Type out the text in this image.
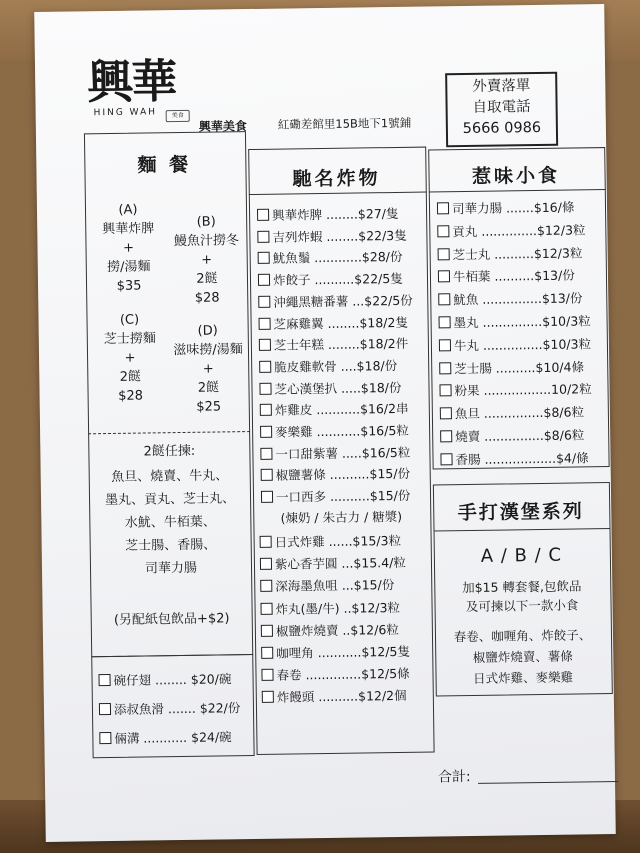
興華
HING WAH	美食
興華美食	紅磡差館里15B地下1號鋪
外賣落單
自取電話
5666 0986
麵 餐
(A)
興華炸脾
+
撈/湯麵
$35
(B)
鰻魚汁撈冬
+
2餸
$28
(C)
芝士撈麵
+
2餸
$28
(D)
滋味撈/湯麵
+
2餸
$25
2餸任揀:
魚旦、燒賣、牛丸、
墨丸、貢丸、芝士丸、
水魷、牛栢葉、
芝士腸、香腸、
司華力腸
(另配紙包飲品+$2)
碗仔翅 ........ $20/碗
添叔魚滑 ....... $22/份
倆溝 ........... $24/碗
馳名炸物
(煉奶 / 朱古力 / 糖漿)
惹味小食
手打漢堡系列
A / B / C
加$15 轉套餐,包飲品
及可揀以下一款小食
春卷、咖喱角、炸餃子、
椒鹽炸燒賣、薯條
日式炸雞、麥樂雞
合計:
興華炸脾 ........$27/隻
吉列炸蝦 ........$22/3隻
魷魚鬚 ............$28/份
炸餃子 ..........$22/5隻
沖繩黑糖番薯 ...$22/5份
芝麻雞翼 ........$18/2隻
芝士年糕 ........$18/2件
脆皮雞軟骨 ....$18/份
芝心漢堡扒 .....$18/份
炸雞皮 ...........$16/2串
麥樂雞 ...........$16/5粒
一口甜紫薯 .....$16/5粒
椒鹽薯條 ..........$15/份
一口西多 ..........$15/份
日式炸雞 ......$15/3粒
紫心香芋圓 ...$15.4/粒
深海墨魚咀 ...$15/份
炸丸(墨/牛) ..$12/3粒
椒鹽炸燒賣 ..$12/6粒
咖哩角 ...........$12/5隻
春卷 ..............$12/5條
炸饅頭 ..........$12/2個
司華力腸 .......$16/條
貢丸 ..............$12/3粒
芝士丸 ..........$12/3粒
牛栢葉 ..........$13/份
魷魚 ...............$13/份
墨丸 ...............$10/3粒
牛丸 ...............$10/3粒
芝士腸 ..........$10/4條
粉果 .................10/2粒
魚旦 ...............$8/6粒
燒賣 ...............$8/6粒
香腸 ..................$4/條
